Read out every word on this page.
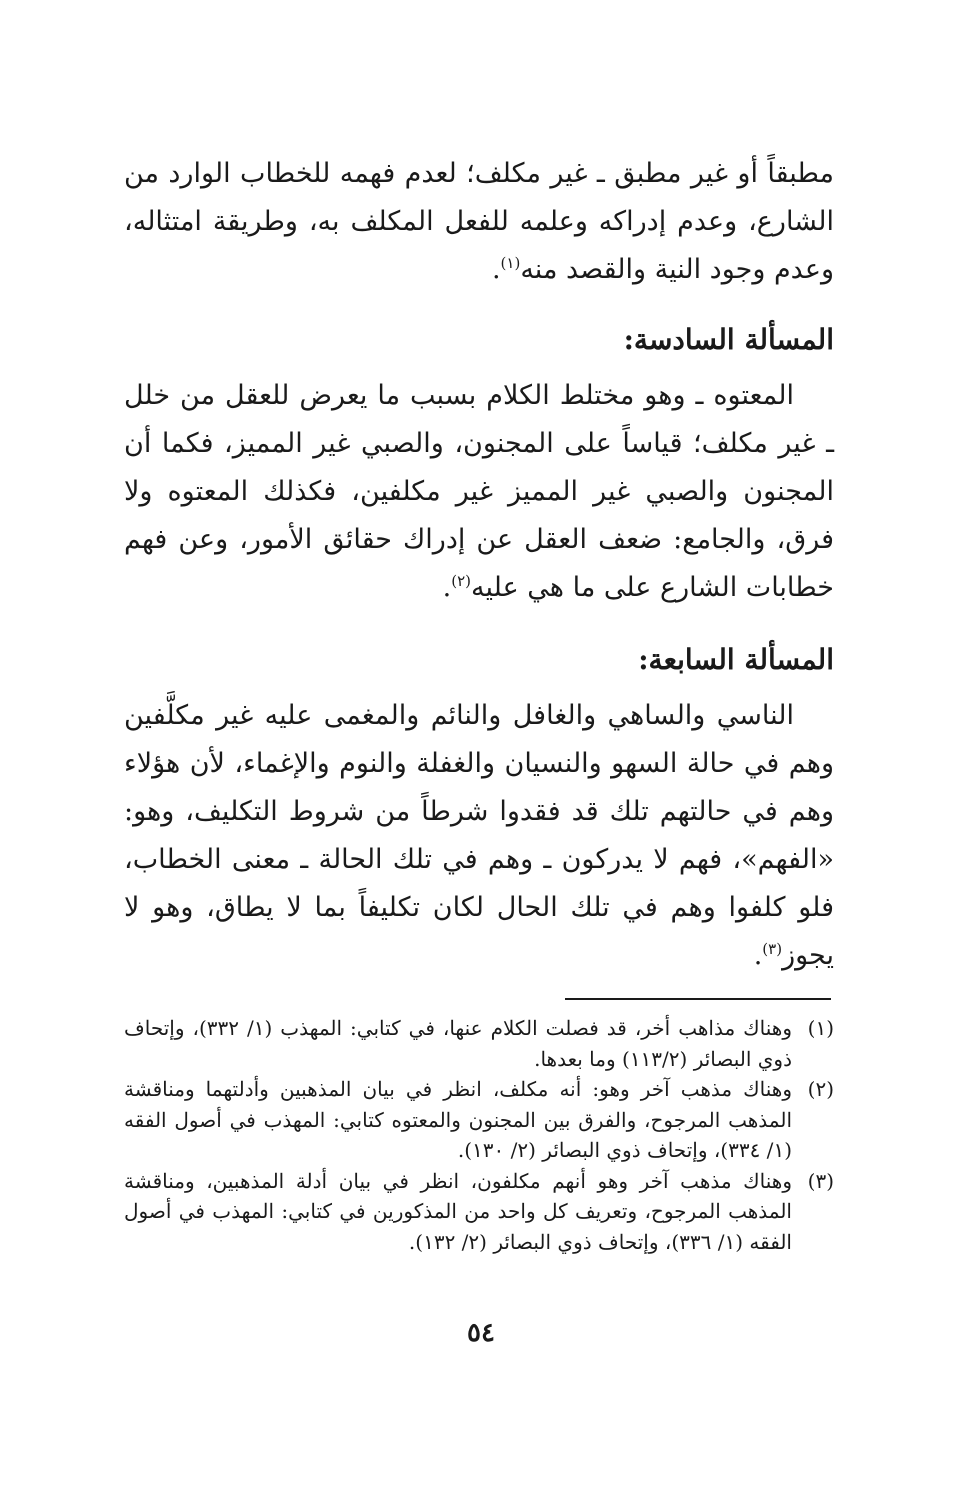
مطبقاً أو غير مطبق ـ غير مكلف؛ لعدم فهمه للخطاب الوارد من الشارع، وعدم إدراكه وعلمه للفعل المكلف به، وطريقة امتثاله، وعدم وجود النية والقصد منه$^{(١)}$.

المسألة السادسة:

المعتوه ـ وهو مختلط الكلام بسبب ما يعرض للعقل من خلل ـ غير مكلف؛ قياساً على المجنون، والصبي غير المميز، فكما أن المجنون والصبي غير المميز غير مكلفين، فكذلك المعتوه ولا فرق، والجامع: ضعف العقل عن إدراك حقائق الأمور، وعن فهم خطابات الشارع على ما هي عليه$^{(٢)}$.

المسألة السابعة:

الناسي والساهي والغافل والنائم والمغمى عليه غير مكلَّفين وهم في حالة السهو والنسيان والغفلة والنوم والإغماء، لأن هؤلاء وهم في حالتهم تلك قد فقدوا شرطاً من شروط التكليف، وهو: «الفهم»، فهم لا يدركون ـ وهم في تلك الحالة ـ معنى الخطاب، فلو كلفوا وهم في تلك الحال لكان تكليفاً بما لا يطاق، وهو لا يجوز$^{(٣)}$.

(١)
وهناك مذاهب أخر، قد فصلت الكلام عنها، في كتابي: المهذب (١/ ٣٣٢)، وإتحاف ذوي البصائر (١١٣/٢) وما بعدها.
(٢)
وهناك مذهب آخر وهو: أنه مكلف، انظر في بيان المذهبين وأدلتهما ومناقشة المذهب المرجوح، والفرق بين المجنون والمعتوه كتابي: المهذب في أصول الفقه (١/ ٣٣٤)، وإتحاف ذوي البصائر (٢/ ١٣٠).
(٣)
وهناك مذهب آخر وهو أنهم مكلفون، انظر في بيان أدلة المذهبين، ومناقشة المذهب المرجوح، وتعريف كل واحد من المذكورين في كتابي: المهذب في أصول الفقه (١/ ٣٣٦)، وإتحاف ذوي البصائر (٢/ ١٣٢).
٥٤
